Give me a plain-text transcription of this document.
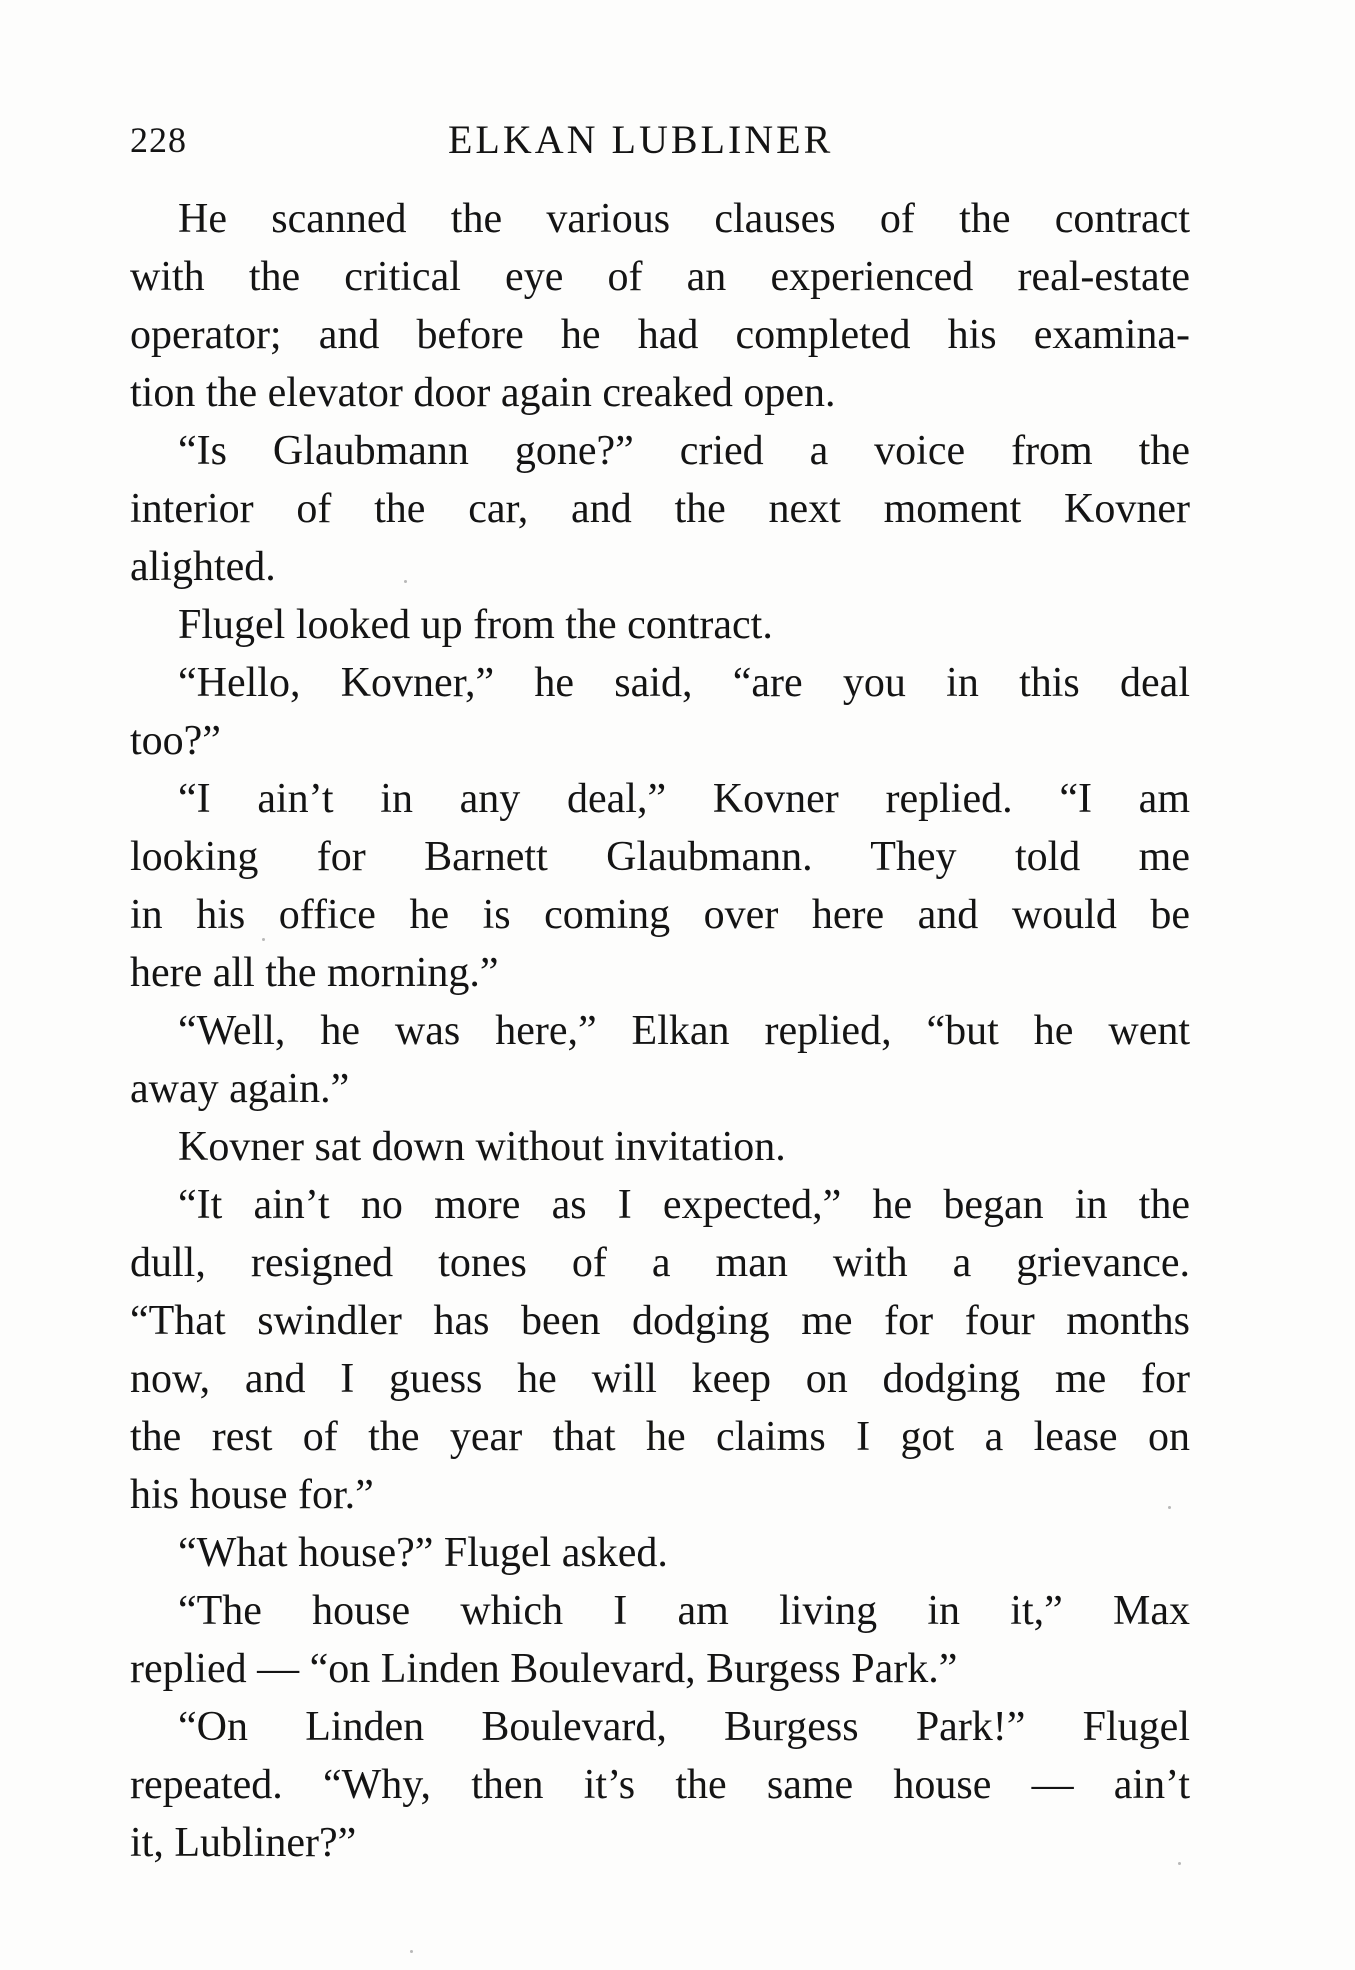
228	ELKAN LUBLINER
He scanned the various clauses of the contract
with the critical eye of an experienced real-estate
operator; and before he had completed his examina-
tion the elevator door again creaked open.
“Is Glaubmann gone?” cried a voice from the
interior of the car, and the next moment Kovner
alighted.
Flugel looked up from the contract.
“Hello, Kovner,” he said, “are you in this deal
too?”
“I ain’t in any deal,” Kovner replied. “I am
looking for Barnett Glaubmann. They told me
in his office he is coming over here and would be
here all the morning.”
“Well, he was here,” Elkan replied, “but he went
away again.”
Kovner sat down without invitation.
“It ain’t no more as I expected,” he began in the
dull, resigned tones of a man with a grievance.
“That swindler has been dodging me for four months
now, and I guess he will keep on dodging me for
the rest of the year that he claims I got a lease on
his house for.”
“What house?” Flugel asked.
“The house which I am living in it,” Max
replied — “on Linden Boulevard, Burgess Park.”
“On Linden Boulevard, Burgess Park!” Flugel
repeated. “Why, then it’s the same house — ain’t
it, Lubliner?”
